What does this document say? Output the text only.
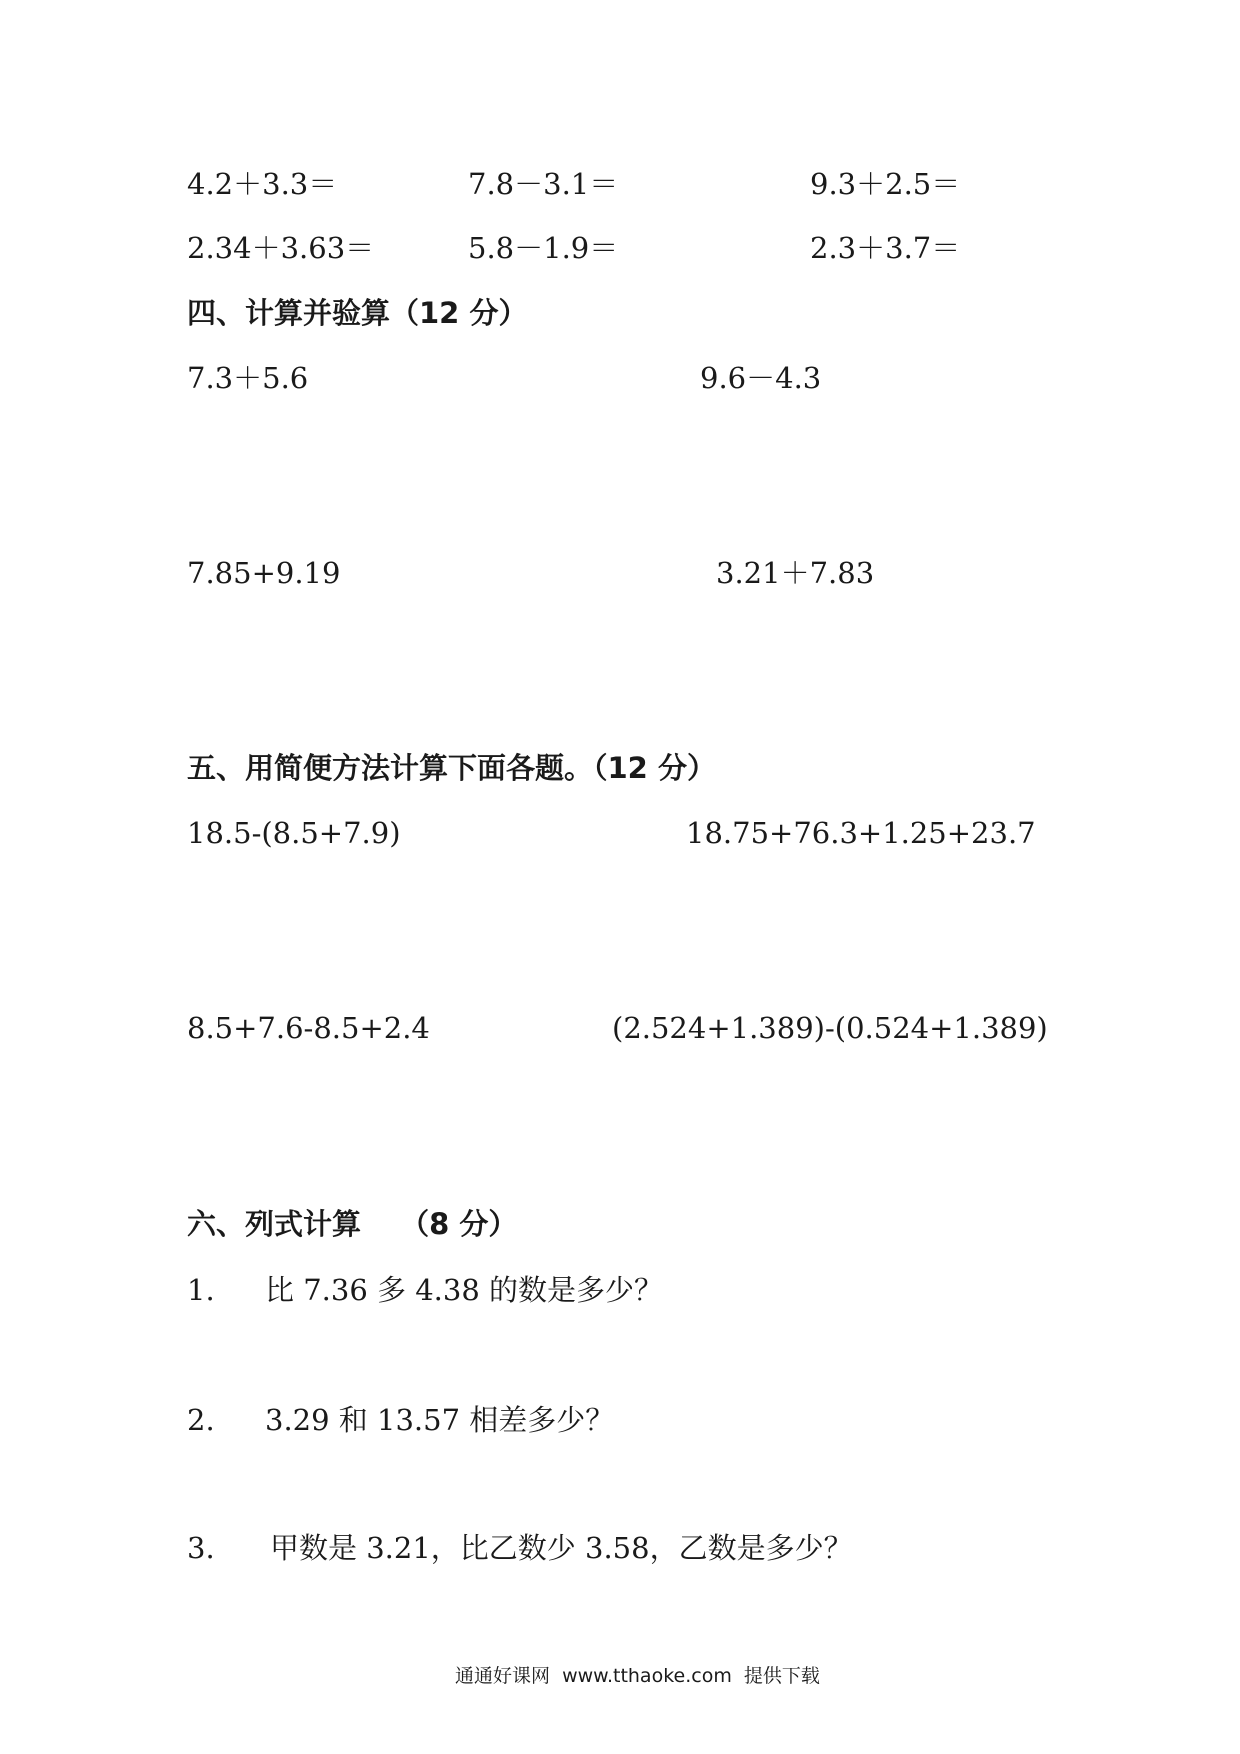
4.2＋3.3＝	7.8－3.1＝	9.3＋2.5＝
2.34＋3.63＝	5.8－1.9＝	2.3＋3.7＝
四、计算并验算（12 分）
7.3＋5.6	9.6－4.3
7.85+9.19	3.21＋7.83
五、用简便方法计算下面各题。（12 分）
18.5-(8.5+7.9)	18.75+76.3+1.25+23.7
8.5+7.6-8.5+2.4	(2.524+1.389)-(0.524+1.389)
六、列式计算　 （8 分）
1. 比 7.36 多 4.38 的数是多少？
2. 3.29 和 13.57 相差多少？
3. 甲数是 3.21，比乙数少 3.58，乙数是多少？
通通好课网  www.tthaoke.com  提供下载
